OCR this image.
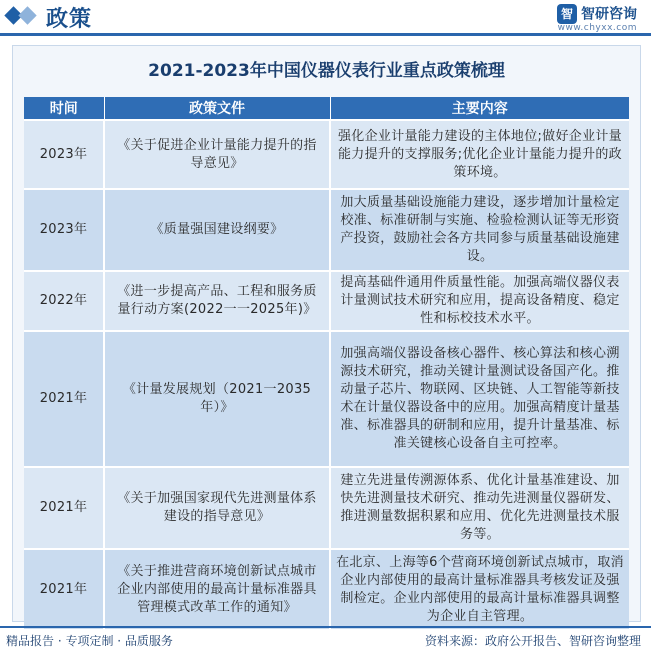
政策	智 智研咨询
www.chyxx.com
2021-2023年中国仪器仪表行业重点政策梳理
时间	政策文件	主要内容
2023年	《关于促进企业计量能力提升的指导意见》	强化企业计量能力建设的主体地位;做好企业计量能力提升的支撑服务;优化企业计量能力提升的政策环境。
2023年	《质量强国建设纲要》	加大质量基础设施能力建设，逐步增加计量检定校准、标准研制与实施、检验检测认证等无形资产投资，鼓励社会各方共同参与质量基础设施建设。
2022年	《进一步提高产品、工程和服务质量行动方案(2022一一2025年)》	提高基础件通用件质量性能。加强高端仪器仪表计量测试技术研究和应用，提高设备精度、稳定性和标校技术水平。
2021年	《计量发展规划（2021一2035年）》	加强高端仪器设备核心器件、核心算法和核心溯源技术研究，推动关键计量测试设备国产化。推动量子芯片、物联网、区块链、人工智能等新技术在计量仪器设备中的应用。加强高精度计量基准、标准器具的研制和应用，提升计量基准、标准关键核心设备自主可控率。
2021年	《关于加强国家现代先进测量体系建设的指导意见》	建立先进量传溯源体系、优化计量基准建设、加快先进测量技术研究、推动先进测量仪器研发、推进测量数据积累和应用、优化先进测量技术服务等。
2021年	《关于推进营商环境创新试点城市企业内部使用的最高计量标准器具管理模式改革工作的通知》	在北京、上海等6个营商环境创新试点城市，取消企业内部使用的最高计量标准器具考核发证及强制检定。企业内部使用的最高计量标准器具调整为企业自主管理。
精品报告 · 专项定制 · 品质服务	资料来源：政府公开报告、智研咨询整理
